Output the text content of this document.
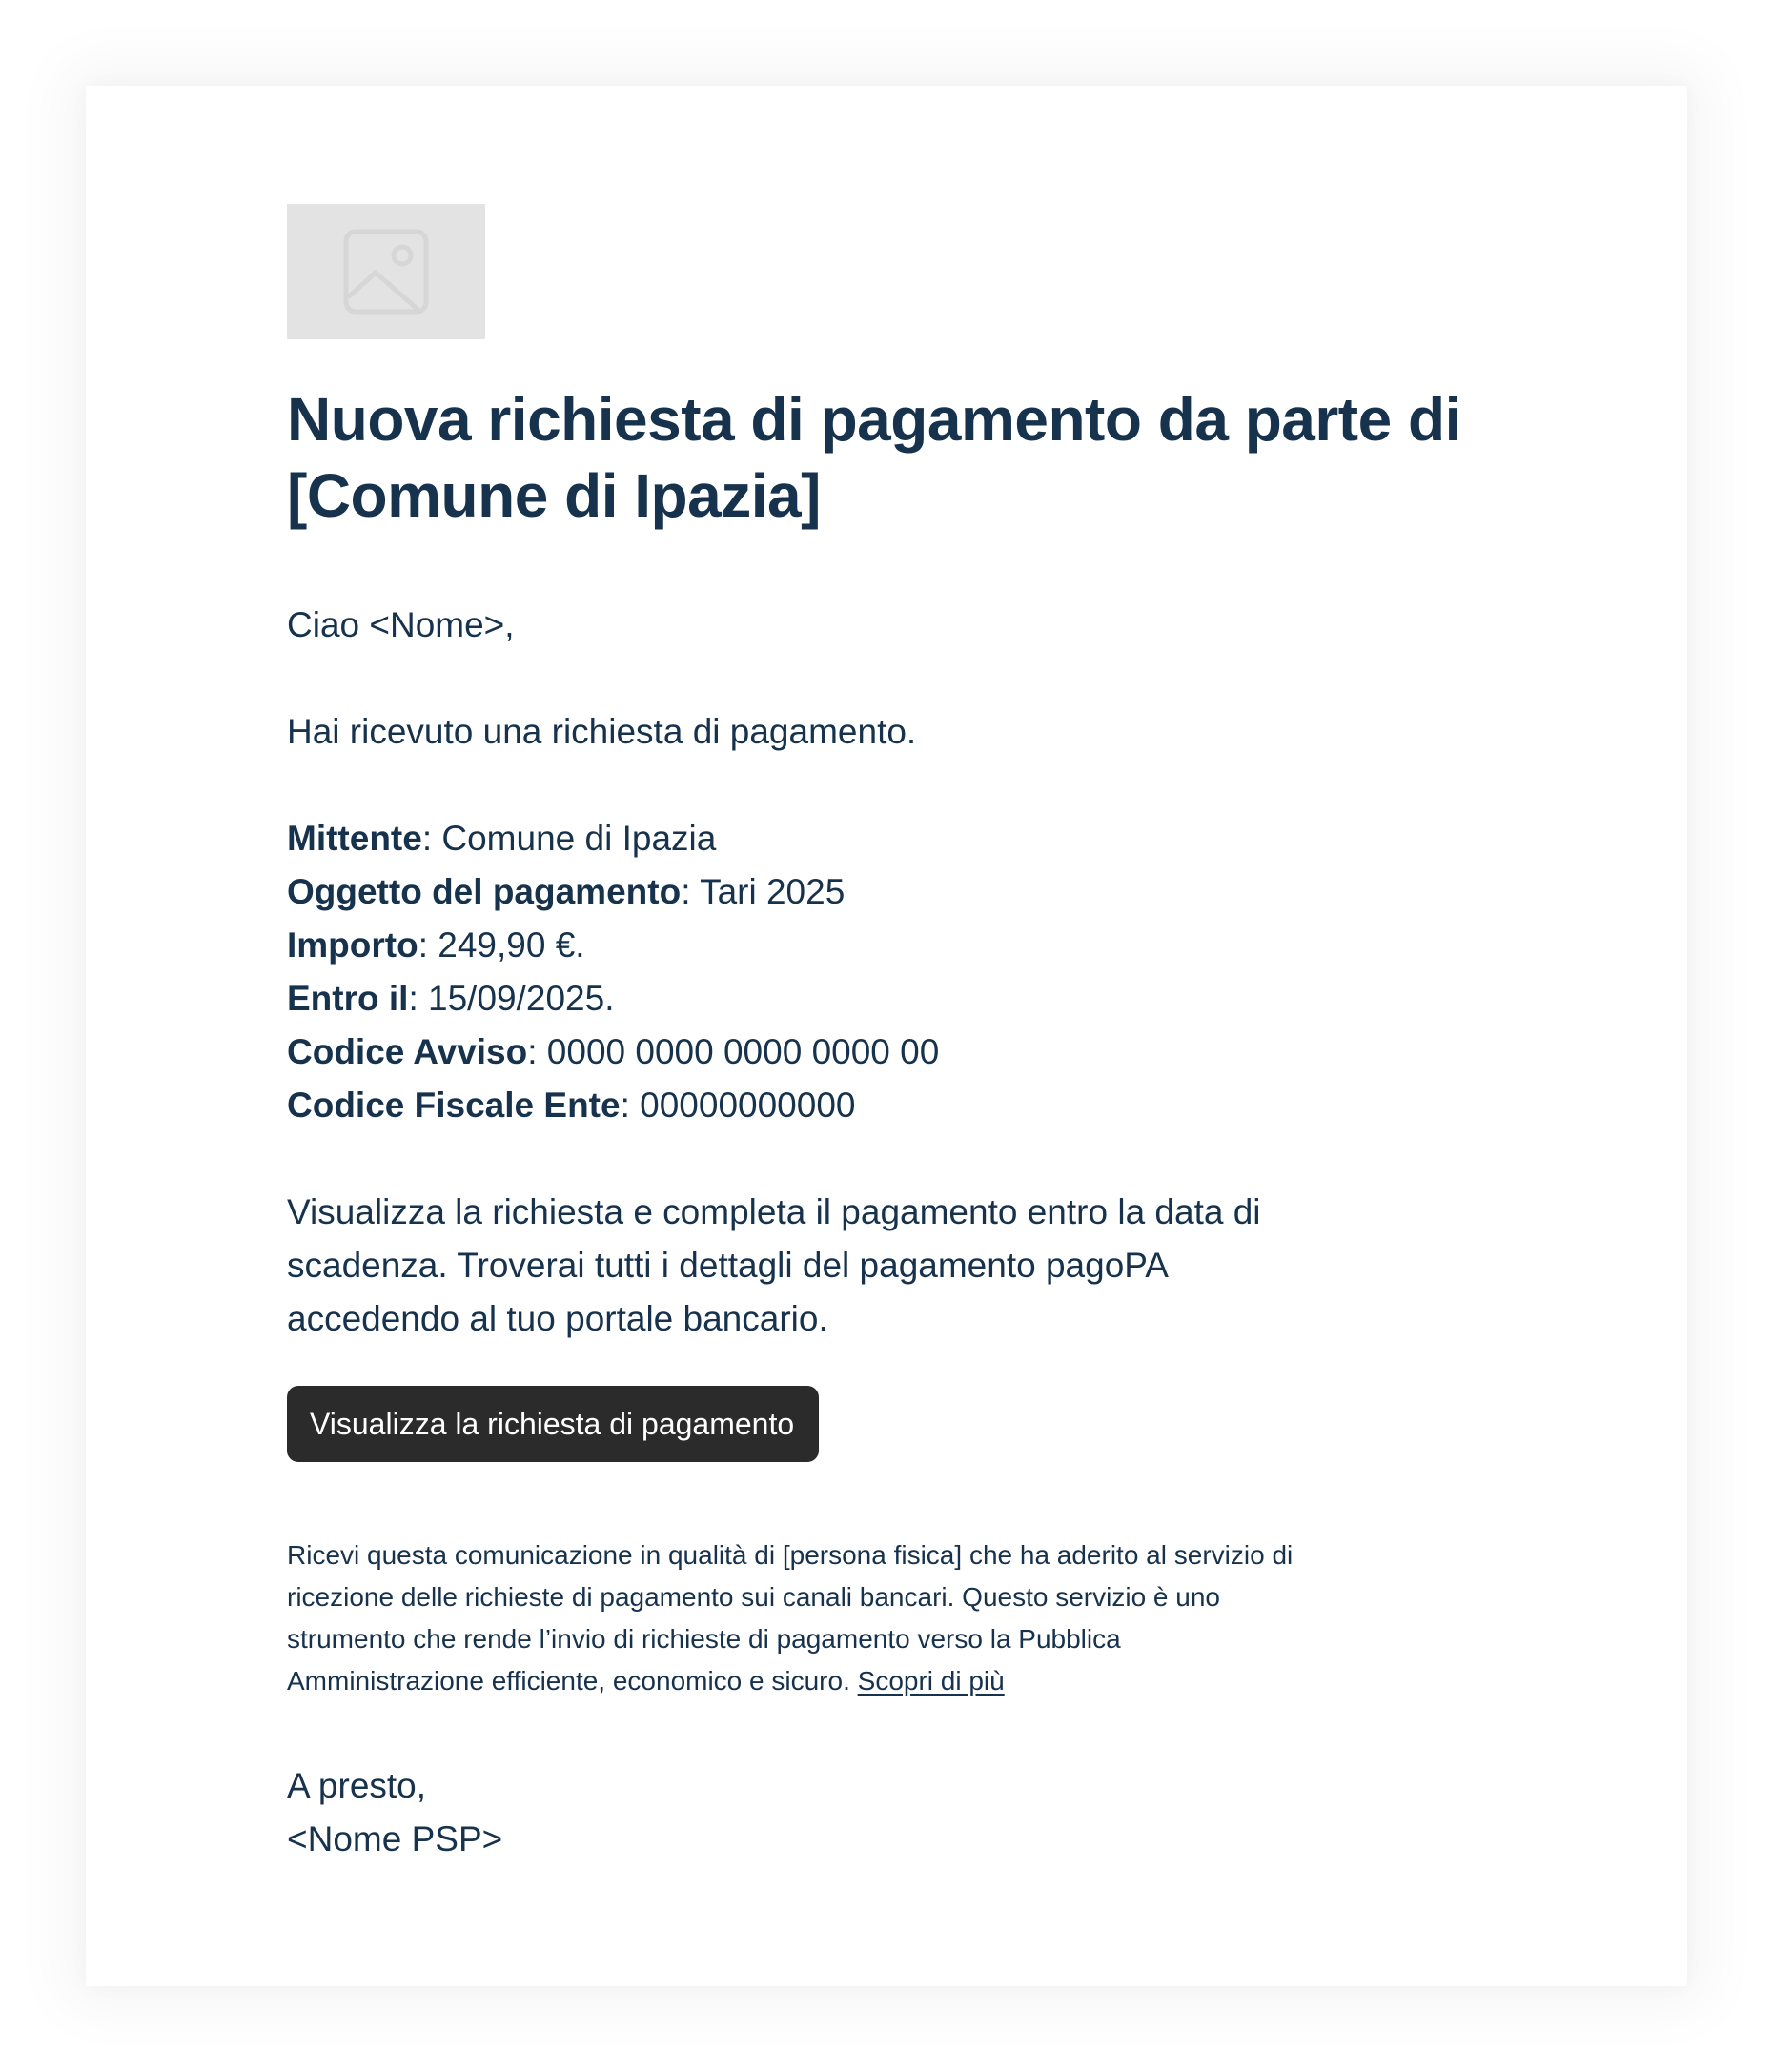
Nuova richiesta di pagamento da parte di [Comune di Ipazia]
Ciao <Nome>,
Hai ricevuto una richiesta di pagamento.
Mittente: Comune di Ipazia
Oggetto del pagamento: Tari 2025
Importo: 249,90 €.
Entro il: 15/09/2025.
Codice Avviso: 0000 0000 0000 0000 00
Codice Fiscale Ente: 00000000000
Visualizza la richiesta e completa il pagamento entro la data di scadenza. Troverai tutti i dettagli del pagamento pagoPA accedendo al tuo portale bancario.
Visualizza la richiesta di pagamento
Ricevi questa comunicazione in qualità di [persona fisica] che ha aderito al servizio di ricezione delle richieste di pagamento sui canali bancari. Questo servizio è uno strumento che rende l’invio di richieste di pagamento verso la Pubblica Amministrazione efficiente, economico e sicuro. Scopri di più
A presto,
<Nome PSP>
